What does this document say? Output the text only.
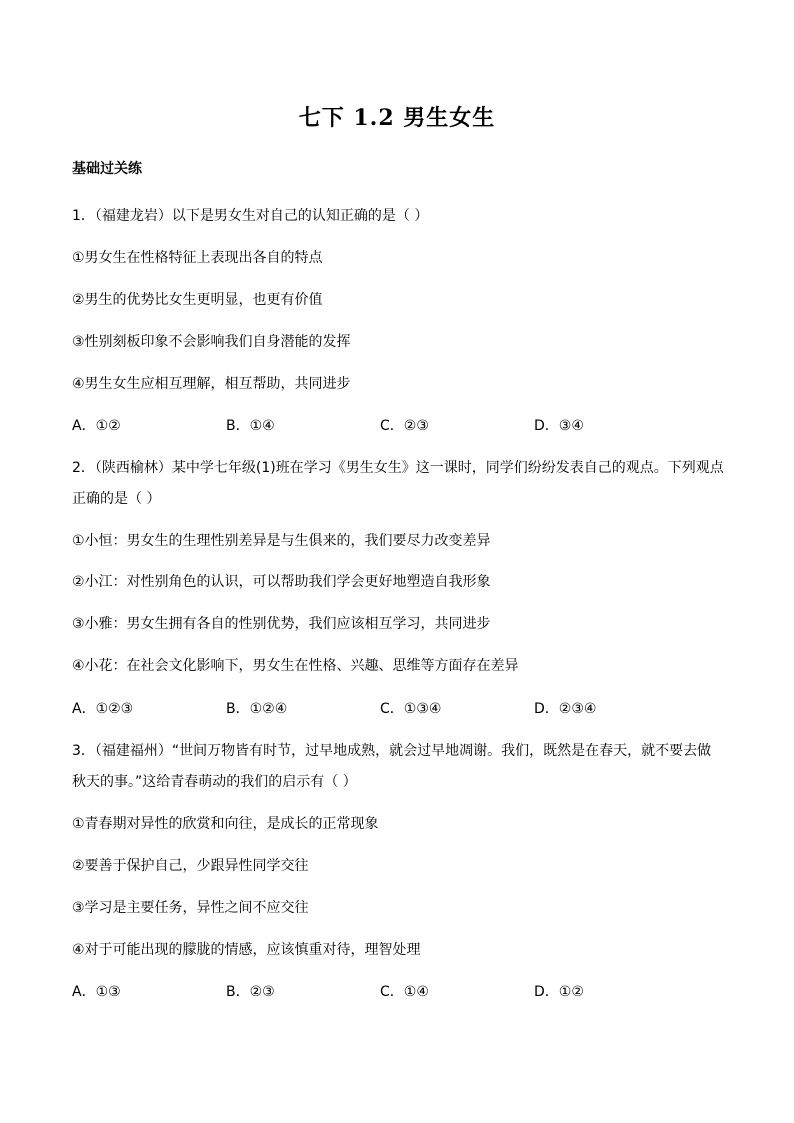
七下 1.2 男生女生
基础过关练
1．（福建龙岩）以下是男女生对自己的认知正确的是（ ）
①男女生在性格特征上表现出各自的特点
②男生的优势比女生更明显，也更有价值
③性别刻板印象不会影响我们自身潜能的发挥
④男生女生应相互理解，相互帮助，共同进步
A．①②	B．①④	C．②③	D．③④
2．（陕西榆林）某中学七年级(1)班在学习《男生女生》这一课时，同学们纷纷发表自己的观点。下列观点
正确的是（ ）
①小恒：男女生的生理性别差异是与生俱来的，我们要尽力改变差异
②小江：对性别角色的认识，可以帮助我们学会更好地塑造自我形象
③小雅：男女生拥有各自的性别优势，我们应该相互学习，共同进步
④小花：在社会文化影响下，男女生在性格、兴趣、思维等方面存在差异
A．①②③	B．①②④	C．①③④	D．②③④
3．（福建福州）“世间万物皆有时节，过早地成熟，就会过早地凋谢。我们，既然是在春天，就不要去做
秋天的事。”这给青春萌动的我们的启示有（ ）
①青春期对异性的欣赏和向往，是成长的正常现象
②要善于保护自己，少跟异性同学交往
③学习是主要任务，异性之间不应交往
④对于可能出现的朦胧的情感，应该慎重对待，理智处理
A．①③	B．②③	C．①④	D．①②
